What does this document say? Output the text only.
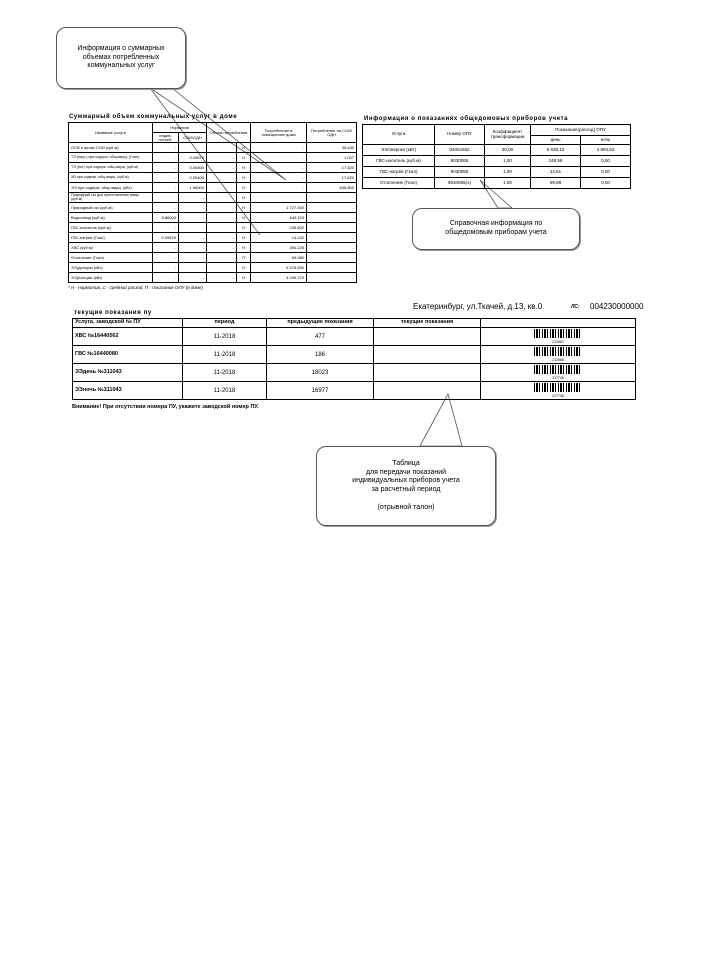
Информация о суммарных
объемах потребленных
коммунальных услуг
Суммарный объем коммунальных услуг в доме
Название услуги	Норматив		Объем потребления		Потребление в помещениях дома	Потребление на СОИ/ОДН
	индив. потреб.	СОИ/ОДН				
ОСВ в целях СОИ (куб.м)	-	-	-	Н	-	35.640
ТЭ (нагр.) при содерж. общ.имущ. (Гкал)	-	0.05676	-	Н	-	1.047
ТЭ (пот.) при содерж. общ.имущ. (куб.м)	-	0.05400	-	Н	-	17.820
ХВ при содерж. общ.имущ. (куб.м)	-	0.05400	-	Н	-	17.820
ЭЭ при содерж. общ.имущ. (кВт)	-	1.96000	-	Н	-	646.800
Природный газ для приготовления пищи (куб.м)		-		Н		
Природный газ (куб.м)	-	-	-	Н	1 727.500	-
Водоотвод (куб.м)	8.86000	-	-	Н	643.193	-
ГВС-носитель (куб.м)	-	-	-	Н	245.602	-
ГВС-нагрев (Гкал)	0.05876	-	-	Н	14.432	-
ХВС (куб.м)	-	-	-	Н	394.226	-
Отопление (Гкал)	-	-	-	П	69.980	-
ЭЭ(день)ии (кВт)	-	-	-	Н	6 476.690	-
ЭЭ(ночь)ии (кВт)	-	-	-	Н	4 046.270	-
* Н - норматив, С - средний расход, П - показания ОПУ (в доме)
Информация о показаниях общедомовых приборов учета
Услуга	Номер ОПУ	Коэффициент трансформации	Показание(расход) ОПУ	
			день	ночь
ЭЭ/энергия (кВт)	04004262	30,00	5 638,13	4 894,63
ГВС-носитель (куб.м)	9030065	1,00	248,59	0,00
ГВС-нагрев (Гкал)	9030065	1,00	14,61	0,00
Отопление (Гкал)	9030065(о)	1,00	69,98	0,00
Справочная информация по
общедомовым приборам учета
Екатеринбург, ул.Ткачей, д.13, кв.0	ЛС: 004230000000
текущие показания пу
Услуга, заводской № ПУ	период	предыдущие показания	текущие показания	
ХВС №16440562	11-2018	477		212567

ГВС №16440080	11-2018	186		212566

ЭЭдень №311043	11-2018	18023		217745

ЭЭночь №311043	11-2018	16977		217746
Внимание! При отсутствии номера ПУ, укажите заводской номер ПУ.
Таблица
для передачи показаний
индивидуальных приборов учета
за расчетный период

(отрывной талон)
